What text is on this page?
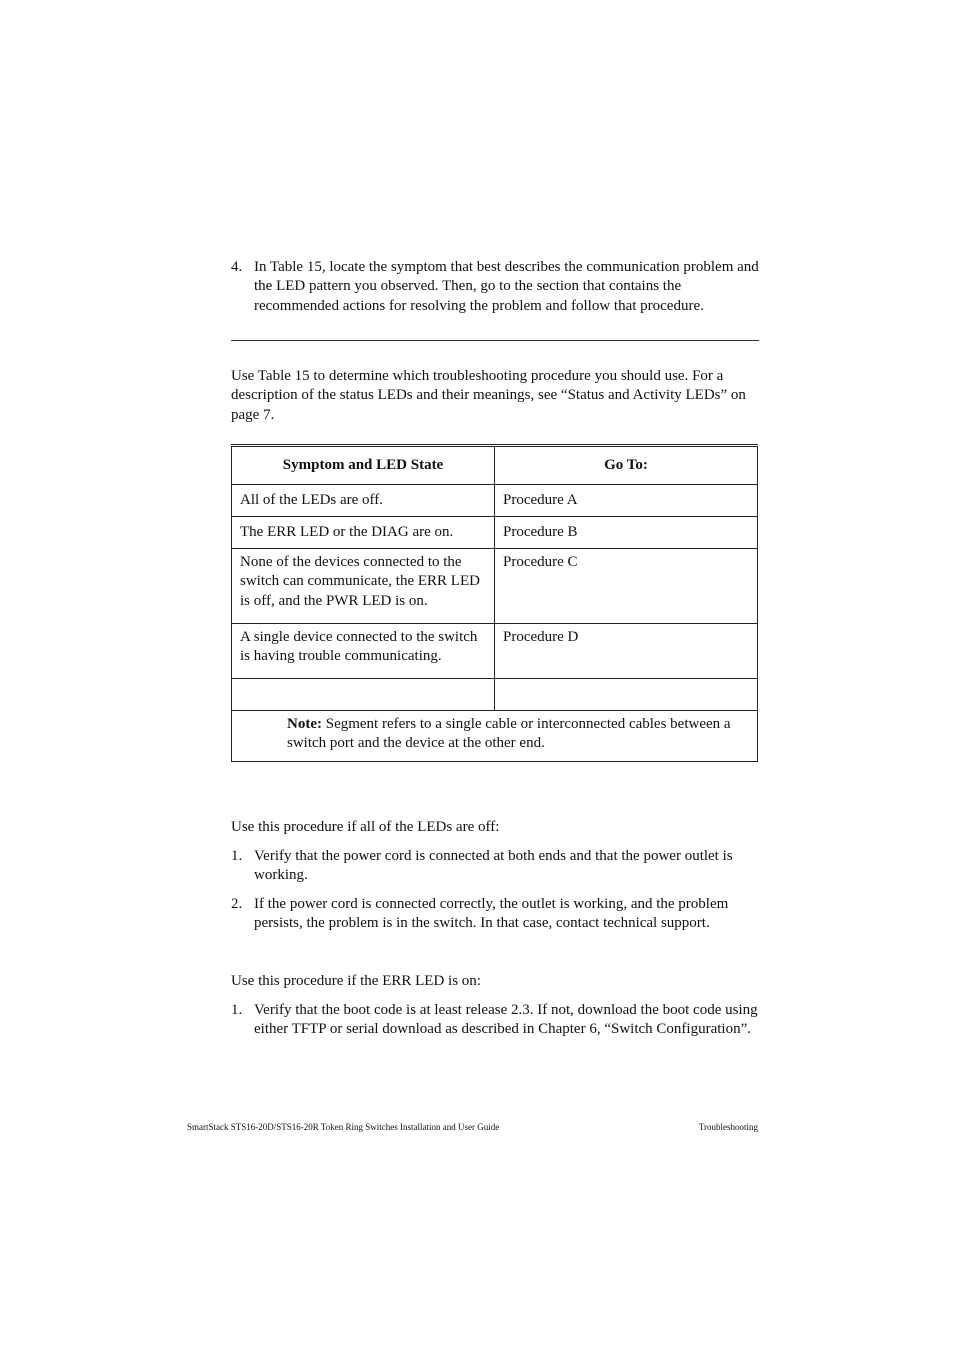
4. In Table 15, locate the symptom that best describes the communication problem and the LED pattern you observed. Then, go to the section that contains the recommended actions for resolving the problem and follow that procedure.
Use Table 15 to determine which troubleshooting procedure you should use. For a description of the status LEDs and their meanings, see “Status and Activity LEDs” on page 7.
Symptom and LED State	Go To:
All of the LEDs are off.	Procedure A
The ERR LED or the DIAG are on.	Procedure B
None of the devices connected to the switch can communicate, the ERR LED is off, and the PWR LED is on.	Procedure C
A single device connected to the switch is having trouble communicating.	Procedure D

Note: Segment refers to a single cable or interconnected cables between a switch port and the device at the other end.	
Use this procedure if all of the LEDs are off:
1. Verify that the power cord is connected at both ends and that the power outlet is working.
2. If the power cord is connected correctly, the outlet is working, and the problem persists, the problem is in the switch. In that case, contact technical support.
Use this procedure if the ERR LED is on:
1. Verify that the boot code is at least release 2.3. If not, download the boot code using either TFTP or serial download as described in Chapter 6, “Switch Configuration”.
SmartStack STS16-20D/STS16-20R Token Ring Switches Installation and User Guide	Troubleshooting
